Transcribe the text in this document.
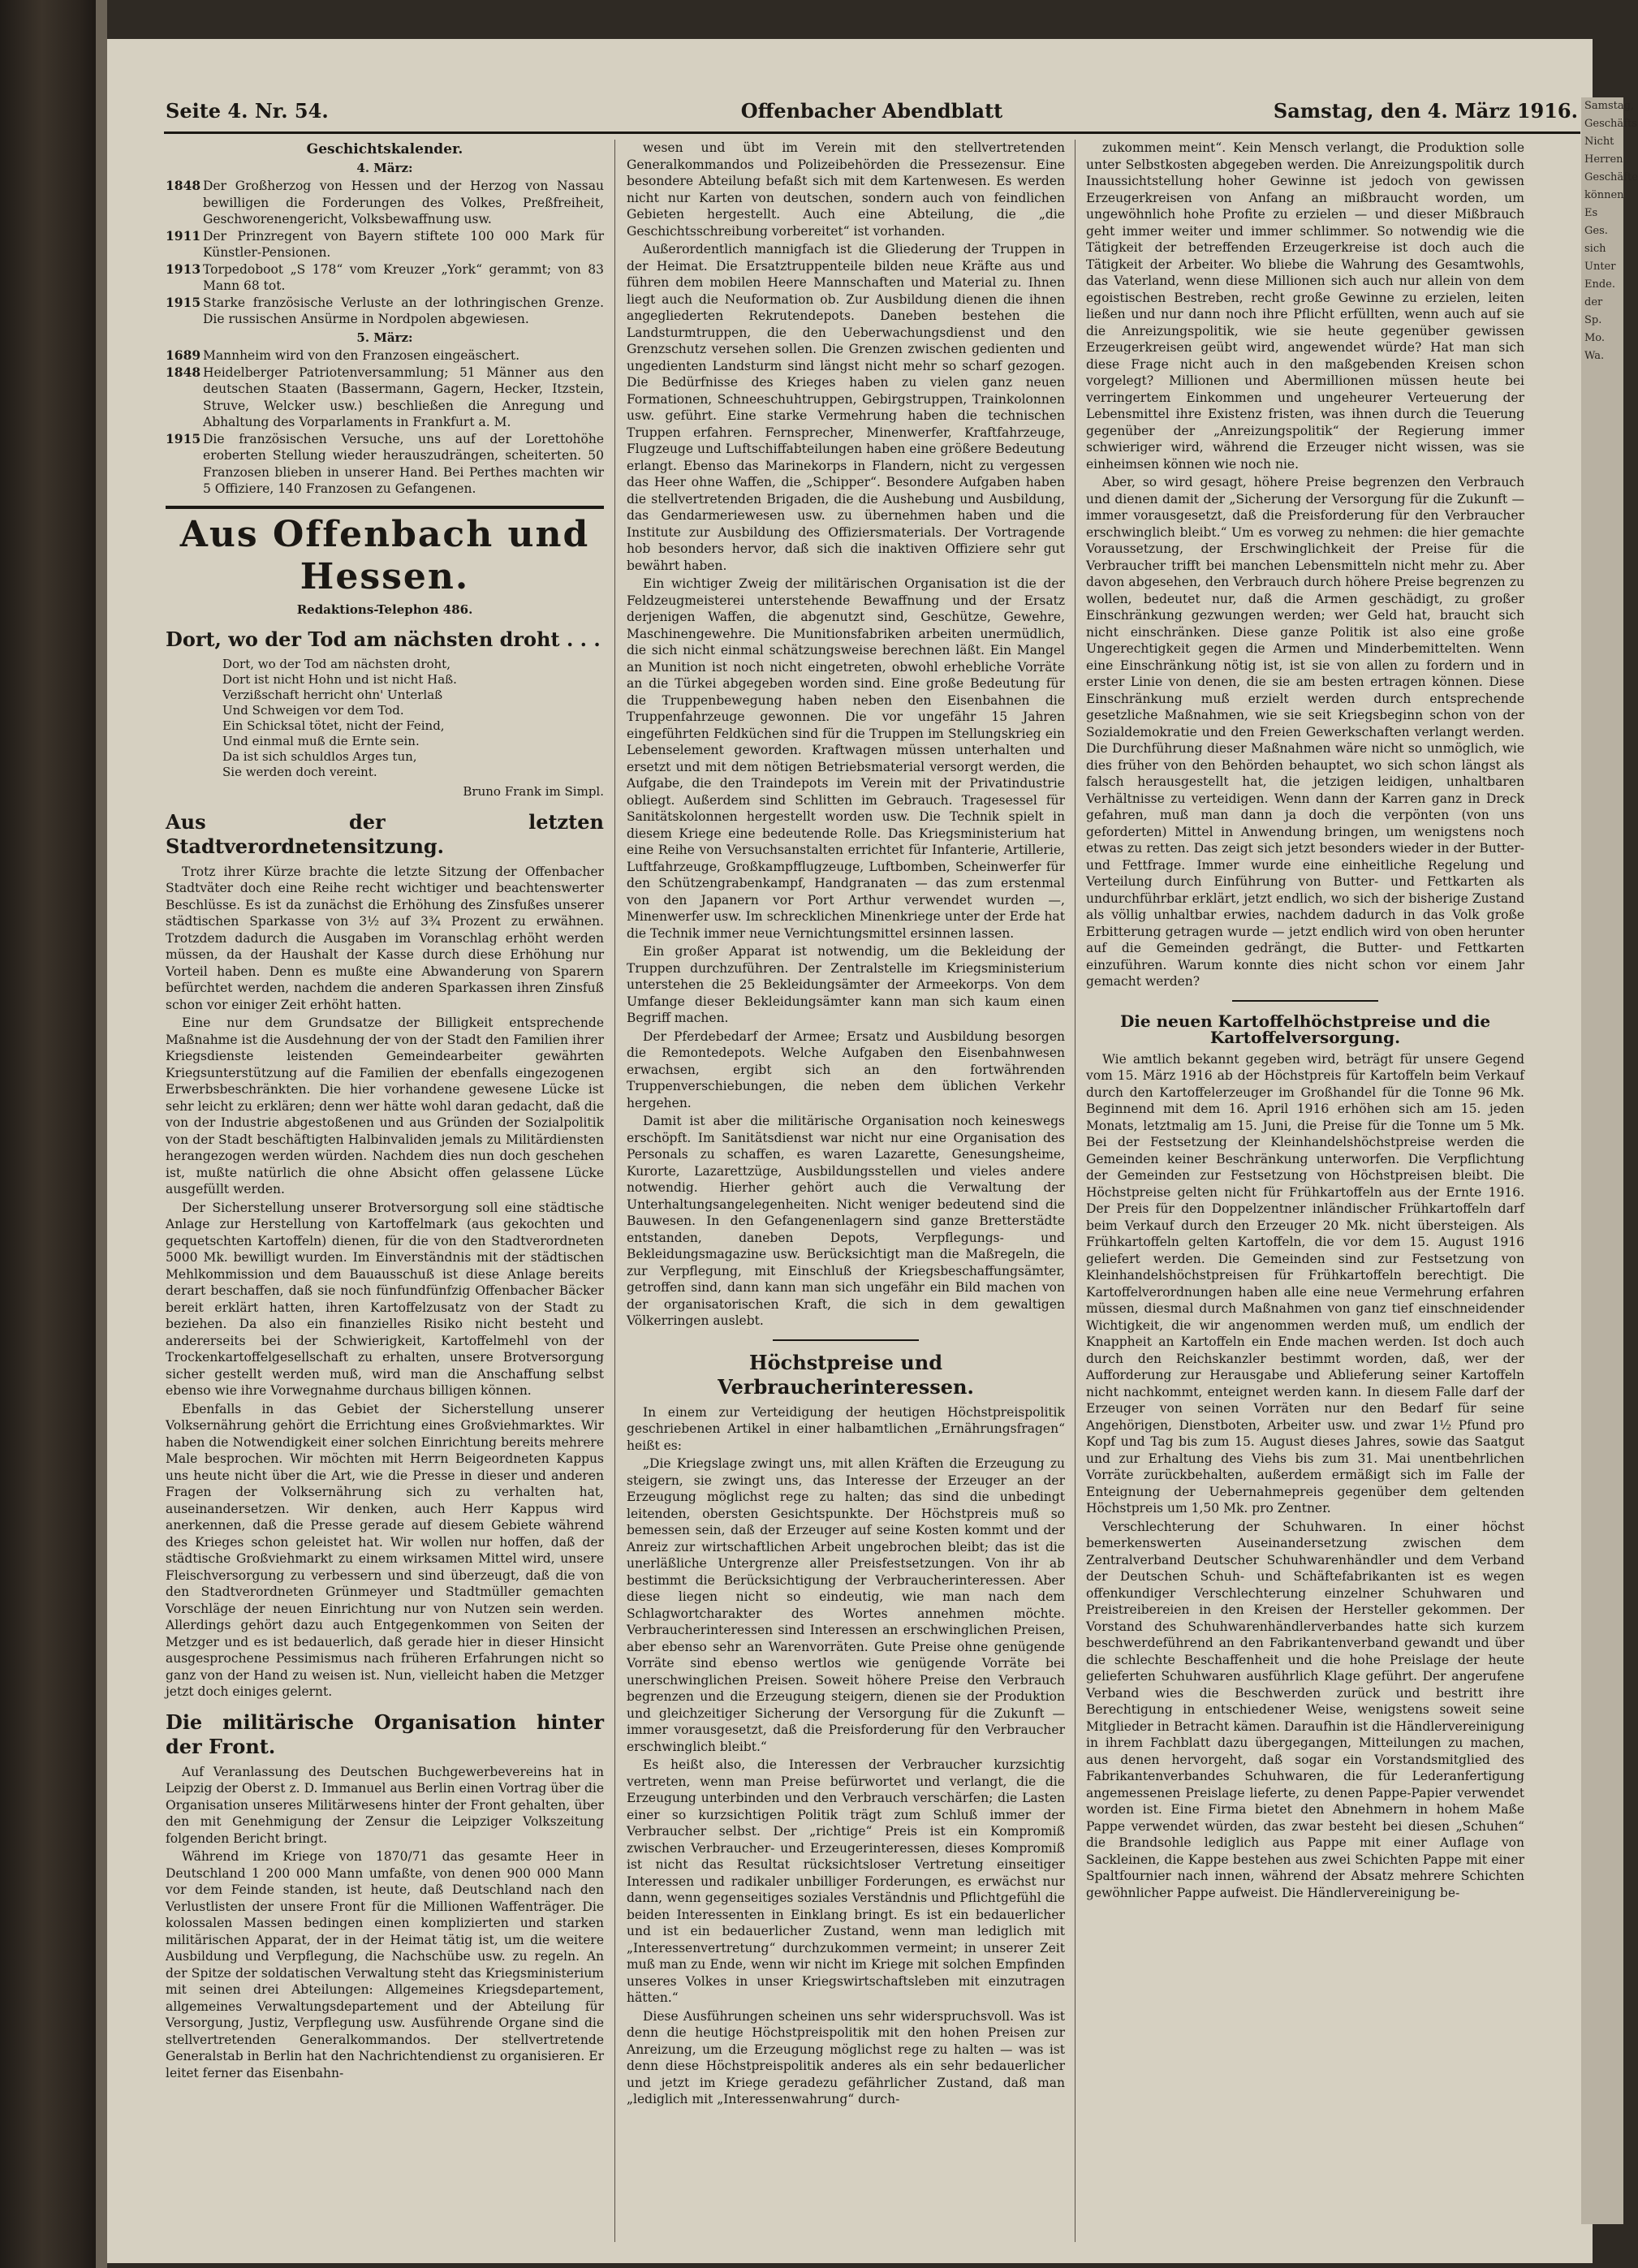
Offenbacher Abendblatt
Seite 4. Nr. 54.	Samstag, den 4. März 1916.
Geschichtskalender.
4. März:
1848 Der Großherzog von Hessen und der Herzog von Nassau bewilligen die Forderungen des Volkes, Preßfreiheit, Geschworenengericht, Volksbewaffnung usw.
1911 Der Prinzregent von Bayern stiftete 100 000 Mark für Künstler-Pensionen.
1913 Torpedoboot „S 178“ vom Kreuzer „York“ gerammt; von 83 Mann 68 tot.
1915 Starke französische Verluste an der lothringischen Grenze. Die russischen Ansürme in Nordpolen abgewiesen.
5. März:
1689 Mannheim wird von den Franzosen eingeäschert.
1848 Heidelberger Patriotenversammlung; 51 Männer aus den deutschen Staaten (Bassermann, Gagern, Hecker, Itzstein, Struve, Welcker usw.) beschließen die Anregung und Abhaltung des Vorparlaments in Frankfurt a. M.
1915 Die französischen Versuche, uns auf der Lorettohöhe eroberten Stellung wieder herauszudrängen, scheiterten. 50 Franzosen blieben in unserer Hand. Bei Perthes machten wir 5 Offiziere, 140 Franzosen zu Gefangenen.
Aus Offenbach und Hessen.
Redaktions-Telephon 486.
Dort, wo der Tod am nächsten droht . . .
Dort, wo der Tod am nächsten droht,
Dort ist nicht Hohn und ist nicht Haß.
Verzißschaft herricht ohn' Unterlaß
Und Schweigen vor dem Tod.
Ein Schicksal tötet, nicht der Feind,
Und einmal muß die Ernte sein.
Da ist sich schuldlos Arges tun,
Sie werden doch vereint.
Bruno Frank im Simpl.
Aus der letzten Stadtverordnetensitzung.

Trotz ihrer Kürze brachte die letzte Sitzung der Offenbacher Stadtväter doch eine Reihe recht wichtiger und beachtenswerter Beschlüsse. Es ist da zunächst die Erhöhung des Zinsfußes unserer städtischen Sparkasse von 3½ auf 3¾ Prozent zu erwähnen. Trotzdem dadurch die Ausgaben im Voranschlag erhöht werden müssen, da der Haushalt der Kasse durch diese Erhöhung nur Vorteil haben. Denn es mußte eine Abwanderung von Sparern befürchtet werden, nachdem die anderen Sparkassen ihren Zinsfuß schon vor einiger Zeit erhöht hatten.

Eine nur dem Grundsatze der Billigkeit entsprechende Maßnahme ist die Ausdehnung der von der Stadt den Familien ihrer Kriegsdienste leistenden Gemeindearbeiter gewährten Kriegsunterstützung auf die Familien der ebenfalls eingezogenen Erwerbsbeschränkten. Die hier vorhandene gewesene Lücke ist sehr leicht zu erklären; denn wer hätte wohl daran gedacht, daß die von der Industrie abgestoßenen und aus Gründen der Sozialpolitik von der Stadt beschäftigten Halbinvaliden jemals zu Militärdiensten herangezogen werden würden. Nachdem dies nun doch geschehen ist, mußte natürlich die ohne Absicht offen gelassene Lücke ausgefüllt werden.

Der Sicherstellung unserer Brotversorgung soll eine städtische Anlage zur Herstellung von Kartoffelmark (aus gekochten und gequetschten Kartoffeln) dienen, für die von den Stadtverordneten 5000 Mk. bewilligt wurden. Im Einverständnis mit der städtischen Mehlkommission und dem Bauausschuß ist diese Anlage bereits derart beschaffen, daß sie noch fünfundfünfzig Offenbacher Bäcker bereit erklärt hatten, ihren Kartoffelzusatz von der Stadt zu beziehen. Da also ein finanzielles Risiko nicht besteht und andererseits bei der Schwierigkeit, Kartoffelmehl von der Trockenkartoffelgesellschaft zu erhalten, unsere Brotversorgung sicher gestellt werden muß, wird man die Anschaffung selbst ebenso wie ihre Vorwegnahme durchaus billigen können.

Ebenfalls in das Gebiet der Sicherstellung unserer Volksernährung gehört die Errichtung eines Großviehmarktes. Wir haben die Notwendigkeit einer solchen Einrichtung bereits mehrere Male besprochen. Wir möchten mit Herrn Beigeordneten Kappus uns heute nicht über die Art, wie die Presse in dieser und anderen Fragen der Volksernährung sich zu verhalten hat, auseinandersetzen. Wir denken, auch Herr Kappus wird anerkennen, daß die Presse gerade auf diesem Gebiete während des Krieges schon geleistet hat. Wir wollen nur hoffen, daß der städtische Großviehmarkt zu einem wirksamen Mittel wird, unsere Fleischversorgung zu verbessern und sind überzeugt, daß die von den Stadtverordneten Grünmeyer und Stadtmüller gemachten Vorschläge der neuen Einrichtung nur von Nutzen sein werden. Allerdings gehört dazu auch Entgegenkommen von Seiten der Metzger und es ist bedauerlich, daß gerade hier in dieser Hinsicht ausgesprochene Pessimismus nach früheren Erfahrungen nicht so ganz von der Hand zu weisen ist. Nun, vielleicht haben die Metzger jetzt doch einiges gelernt.

Die militärische Organisation hinter der Front.

Auf Veranlassung des Deutschen Buchgewerbevereins hat in Leipzig der Oberst z. D. Immanuel aus Berlin einen Vortrag über die Organisation unseres Militärwesens hinter der Front gehalten, über den mit Genehmigung der Zensur die Leipziger Volkszeitung folgenden Bericht bringt.

Während im Kriege von 1870/71 das gesamte Heer in Deutschland 1 200 000 Mann umfaßte, von denen 900 000 Mann vor dem Feinde standen, ist heute, daß Deutschland nach den Verlustlisten der unsere Front für die Millionen Waffenträger. Die kolossalen Massen bedingen einen komplizierten und starken militärischen Apparat, der in der Heimat tätig ist, um die weitere Ausbildung und Verpflegung, die Nachschübe usw. zu regeln. An der Spitze der soldatischen Verwaltung steht das Kriegsministerium mit seinen drei Abteilungen: Allgemeines Kriegsdepartement, allgemeines Verwaltungsdepartement und der Abteilung für Versorgung, Justiz, Verpflegung usw. Ausführende Organe sind die stellvertretenden Generalkommandos. Der stellvertretende Generalstab in Berlin hat den Nachrichtendienst zu organisieren. Er leitet ferner das Eisenbahn-

wesen und übt im Verein mit den stellvertretenden Generalkommandos und Polizeibehörden die Pressezensur. Eine besondere Abteilung befaßt sich mit dem Kartenwesen. Es werden nicht nur Karten von deutschen, sondern auch von feindlichen Gebieten hergestellt. Auch eine Abteilung, die „die Geschichtsschreibung vorbereitet“ ist vorhanden.

Außerordentlich mannigfach ist die Gliederung der Truppen in der Heimat. Die Ersatztruppenteile bilden neue Kräfte aus und führen dem mobilen Heere Mannschaften und Material zu. Ihnen liegt auch die Neuformation ob. Zur Ausbildung dienen die ihnen angegliederten Rekrutendepots. Daneben bestehen die Landsturmtruppen, die den Ueberwachungsdienst und den Grenzschutz versehen sollen. Die Grenzen zwischen gedienten und ungedienten Landsturm sind längst nicht mehr so scharf gezogen. Die Bedürfnisse des Krieges haben zu vielen ganz neuen Formationen, Schneeschuhtruppen, Gebirgstruppen, Trainkolonnen usw. geführt. Eine starke Vermehrung haben die technischen Truppen erfahren. Fernsprecher, Minenwerfer, Kraftfahrzeuge, Flugzeuge und Luftschiffabteilungen haben eine größere Bedeutung erlangt. Ebenso das Marinekorps in Flandern, nicht zu vergessen das Heer ohne Waffen, die „Schipper“. Besondere Aufgaben haben die stellvertretenden Brigaden, die die Aushebung und Ausbildung, das Gendarmeriewesen usw. zu übernehmen haben und die Institute zur Ausbildung des Offiziersmaterials. Der Vortragende hob besonders hervor, daß sich die inaktiven Offiziere sehr gut bewährt haben.

Ein wichtiger Zweig der militärischen Organisation ist die der Feldzeugmeisterei unterstehende Bewaffnung und der Ersatz derjenigen Waffen, die abgenutzt sind, Geschütze, Gewehre, Maschinengewehre. Die Munitionsfabriken arbeiten unermüdlich, die sich nicht einmal schätzungsweise berechnen läßt. Ein Mangel an Munition ist noch nicht eingetreten, obwohl erhebliche Vorräte an die Türkei abgegeben worden sind. Eine große Bedeutung für die Truppenbewegung haben neben den Eisenbahnen die Truppenfahrzeuge gewonnen. Die vor ungefähr 15 Jahren eingeführten Feldküchen sind für die Truppen im Stellungskrieg ein Lebenselement geworden. Kraftwagen müssen unterhalten und ersetzt und mit dem nötigen Betriebsmaterial versorgt werden, die Aufgabe, die den Traindepots im Verein mit der Privatindustrie obliegt. Außerdem sind Schlitten im Gebrauch. Tragesessel für Sanitätskolonnen hergestellt worden usw. Die Technik spielt in diesem Kriege eine bedeutende Rolle. Das Kriegsministerium hat eine Reihe von Versuchsanstalten errichtet für Infanterie, Artillerie, Luftfahrzeuge, Großkampfflugzeuge, Luftbomben, Scheinwerfer für den Schützengrabenkampf, Handgranaten — das zum erstenmal von den Japanern vor Port Arthur verwendet wurden —, Minenwerfer usw. Im schrecklichen Minenkriege unter der Erde hat die Technik immer neue Vernichtungsmittel ersinnen lassen.

Ein großer Apparat ist notwendig, um die Bekleidung der Truppen durchzuführen. Der Zentralstelle im Kriegsministerium unterstehen die 25 Bekleidungsämter der Armeekorps. Von dem Umfange dieser Bekleidungsämter kann man sich kaum einen Begriff machen.

Der Pferdebedarf der Armee; Ersatz und Ausbildung besorgen die Remontedepots. Welche Aufgaben den Eisenbahnwesen erwachsen, ergibt sich an den fortwährenden Truppenverschiebungen, die neben dem üblichen Verkehr hergehen.

Damit ist aber die militärische Organisation noch keineswegs erschöpft. Im Sanitätsdienst war nicht nur eine Organisation des Personals zu schaffen, es waren Lazarette, Genesungsheime, Kurorte, Lazarettzüge, Ausbildungsstellen und vieles andere notwendig. Hierher gehört auch die Verwaltung der Unterhaltungsangelegenheiten. Nicht weniger bedeutend sind die Bauwesen. In den Gefangenenlagern sind ganze Bretterstädte entstanden, daneben Depots, Verpflegungs- und Bekleidungsmagazine usw. Berücksichtigt man die Maßregeln, die zur Verpflegung, mit Einschluß der Kriegsbeschaffungsämter, getroffen sind, dann kann man sich ungefähr ein Bild machen von der organisatorischen Kraft, die sich in dem gewaltigen Völkerringen auslebt.

Höchstpreise und Verbraucherinteressen.

In einem zur Verteidigung der heutigen Höchstpreispolitik geschriebenen Artikel in einer halbamtlichen „Ernährungsfragen“ heißt es:

„Die Kriegslage zwingt uns, mit allen Kräften die Erzeugung zu steigern, sie zwingt uns, das Interesse der Erzeuger an der Erzeugung möglichst rege zu halten; das sind die unbedingt leitenden, obersten Gesichtspunkte. Der Höchstpreis muß so bemessen sein, daß der Erzeuger auf seine Kosten kommt und der Anreiz zur wirtschaftlichen Arbeit ungebrochen bleibt; das ist die unerläßliche Untergrenze aller Preisfestsetzungen. Von ihr ab bestimmt die Berücksichtigung der Verbraucherinteressen. Aber diese liegen nicht so eindeutig, wie man nach dem Schlagwortcharakter des Wortes annehmen möchte. Verbraucherinteressen sind Interessen an erschwinglichen Preisen, aber ebenso sehr an Warenvorräten. Gute Preise ohne genügende Vorräte sind ebenso wertlos wie genügende Vorräte bei unerschwinglichen Preisen. Soweit höhere Preise den Verbrauch begrenzen und die Erzeugung steigern, dienen sie der Produktion und gleichzeitiger Sicherung der Versorgung für die Zukunft — immer vorausgesetzt, daß die Preisforderung für den Verbraucher erschwinglich bleibt.“

Es heißt also, die Interessen der Verbraucher kurzsichtig vertreten, wenn man Preise befürwortet und verlangt, die die Erzeugung unterbinden und den Verbrauch verschärfen; die Lasten einer so kurzsichtigen Politik trägt zum Schluß immer der Verbraucher selbst. Der „richtige“ Preis ist ein Kompromiß zwischen Verbraucher- und Erzeugerinteressen, dieses Kompromiß ist nicht das Resultat rücksichtsloser Vertretung einseitiger Interessen und radikaler unbilliger Forderungen, es erwächst nur dann, wenn gegenseitiges soziales Verständnis und Pflichtgefühl die beiden Interessenten in Einklang bringt. Es ist ein bedauerlicher und ist ein bedauerlicher Zustand, wenn man lediglich mit „Interessenvertretung“ durchzukommen vermeint; in unserer Zeit muß man zu Ende, wenn wir nicht im Kriege mit solchen Empfinden unseres Volkes in unser Kriegswirtschaftsleben mit einzutragen hätten.“

Diese Ausführungen scheinen uns sehr widerspruchsvoll. Was ist denn die heutige Höchstpreispolitik mit den hohen Preisen zur Anreizung, um die Erzeugung möglichst rege zu halten — was ist denn diese Höchstpreispolitik anderes als ein sehr bedauerlicher und jetzt im Kriege geradezu gefährlicher Zustand, daß man „lediglich mit „Interessenwahrung“ durch-

zukommen meint“. Kein Mensch verlangt, die Produktion solle unter Selbstkosten abgegeben werden. Die Anreizungspolitik durch Inaussichtstellung hoher Gewinne ist jedoch von gewissen Erzeugerkreisen von Anfang an mißbraucht worden, um ungewöhnlich hohe Profite zu erzielen — und dieser Mißbrauch geht immer weiter und immer schlimmer. So notwendig wie die Tätigkeit der betreffenden Erzeugerkreise ist doch auch die Tätigkeit der Arbeiter. Wo bliebe die Wahrung des Gesamtwohls, das Vaterland, wenn diese Millionen sich auch nur allein von dem egoistischen Bestreben, recht große Gewinne zu erzielen, leiten ließen und nur dann noch ihre Pflicht erfüllten, wenn auch auf sie die Anreizungspolitik, wie sie heute gegenüber gewissen Erzeugerkreisen geübt wird, angewendet würde? Hat man sich diese Frage nicht auch in den maßgebenden Kreisen schon vorgelegt? Millionen und Abermillionen müssen heute bei verringertem Einkommen und ungeheurer Verteuerung der Lebensmittel ihre Existenz fristen, was ihnen durch die Teuerung gegenüber der „Anreizungspolitik“ der Regierung immer schwieriger wird, während die Erzeuger nicht wissen, was sie einheimsen können wie noch nie.

Aber, so wird gesagt, höhere Preise begrenzen den Verbrauch und dienen damit der „Sicherung der Versorgung für die Zukunft — immer vorausgesetzt, daß die Preisforderung für den Verbraucher erschwinglich bleibt.“ Um es vorweg zu nehmen: die hier gemachte Voraussetzung, der Erschwinglichkeit der Preise für die Verbraucher trifft bei manchen Lebensmitteln nicht mehr zu. Aber davon abgesehen, den Verbrauch durch höhere Preise begrenzen zu wollen, bedeutet nur, daß die Armen geschädigt, zu großer Einschränkung gezwungen werden; wer Geld hat, braucht sich nicht einschränken. Diese ganze Politik ist also eine große Ungerechtigkeit gegen die Armen und Minderbemittelten. Wenn eine Einschränkung nötig ist, ist sie von allen zu fordern und in erster Linie von denen, die sie am besten ertragen können. Diese Einschränkung muß erzielt werden durch entsprechende gesetzliche Maßnahmen, wie sie seit Kriegsbeginn schon von der Sozialdemokratie und den Freien Gewerkschaften verlangt werden. Die Durchführung dieser Maßnahmen wäre nicht so unmöglich, wie dies früher von den Behörden behauptet, wo sich schon längst als falsch herausgestellt hat, die jetzigen leidigen, unhaltbaren Verhältnisse zu verteidigen. Wenn dann der Karren ganz in Dreck gefahren, muß man dann ja doch die verpönten (von uns geforderten) Mittel in Anwendung bringen, um wenigstens noch etwas zu retten. Das zeigt sich jetzt besonders wieder in der Butter- und Fettfrage. Immer wurde eine einheitliche Regelung und Verteilung durch Einführung von Butter- und Fettkarten als undurchführbar erklärt, jetzt endlich, wo sich der bisherige Zustand als völlig unhaltbar erwies, nachdem dadurch in das Volk große Erbitterung getragen wurde — jetzt endlich wird von oben herunter auf die Gemeinden gedrängt, die Butter- und Fettkarten einzuführen. Warum konnte dies nicht schon vor einem Jahr gemacht werden?

Die neuen Kartoffelhöchstpreise und die Kartoffelversorgung.

Wie amtlich bekannt gegeben wird, beträgt für unsere Gegend vom 15. März 1916 ab der Höchstpreis für Kartoffeln beim Verkauf durch den Kartoffelerzeuger im Großhandel für die Tonne 96 Mk. Beginnend mit dem 16. April 1916 erhöhen sich am 15. jeden Monats, letztmalig am 15. Juni, die Preise für die Tonne um 5 Mk. Bei der Festsetzung der Kleinhandelshöchstpreise werden die Gemeinden keiner Beschränkung unterworfen. Die Verpflichtung der Gemeinden zur Festsetzung von Höchstpreisen bleibt. Die Höchstpreise gelten nicht für Frühkartoffeln aus der Ernte 1916. Der Preis für den Doppelzentner inländischer Frühkartoffeln darf beim Verkauf durch den Erzeuger 20 Mk. nicht übersteigen. Als Frühkartoffeln gelten Kartoffeln, die vor dem 15. August 1916 geliefert werden. Die Gemeinden sind zur Festsetzung von Kleinhandelshöchstpreisen für Frühkartoffeln berechtigt. Die Kartoffelverordnungen haben alle eine neue Vermehrung erfahren müssen, diesmal durch Maßnahmen von ganz tief einschneidender Wichtigkeit, die wir angenommen werden muß, um endlich der Knappheit an Kartoffeln ein Ende machen werden. Ist doch auch durch den Reichskanzler bestimmt worden, daß, wer der Aufforderung zur Herausgabe und Ablieferung seiner Kartoffeln nicht nachkommt, enteignet werden kann. In diesem Falle darf der Erzeuger von seinen Vorräten nur den Bedarf für seine Angehörigen, Dienstboten, Arbeiter usw. und zwar 1½ Pfund pro Kopf und Tag bis zum 15. August dieses Jahres, sowie das Saatgut und zur Erhaltung des Viehs bis zum 31. Mai unentbehrlichen Vorräte zurückbehalten, außerdem ermäßigt sich im Falle der Enteignung der Uebernahmepreis gegenüber dem geltenden Höchstpreis um 1,50 Mk. pro Zentner.

Verschlechterung der Schuhwaren. In einer höchst bemerkenswerten Auseinandersetzung zwischen dem Zentralverband Deutscher Schuhwarenhändler und dem Verband der Deutschen Schuh- und Schäftefabrikanten ist es wegen offenkundiger Verschlechterung einzelner Schuhwaren und Preistreibereien in den Kreisen der Hersteller gekommen. Der Vorstand des Schuhwarenhändlerverbandes hatte sich kurzem beschwerdeführend an den Fabrikantenverband gewandt und über die schlechte Beschaffenheit und die hohe Preislage der heute gelieferten Schuhwaren ausführlich Klage geführt. Der angerufene Verband wies die Beschwerden zurück und bestritt ihre Berechtigung in entschiedener Weise, wenigstens soweit seine Mitglieder in Betracht kämen. Daraufhin ist die Händlervereinigung in ihrem Fachblatt dazu übergegangen, Mitteilungen zu machen, aus denen hervorgeht, daß sogar ein Vorstandsmitglied des Fabrikantenverbandes Schuhwaren, die für Lederanfertigung angemessenen Preislage lieferte, zu denen Pappe-Papier verwendet worden ist. Eine Firma bietet den Abnehmern in hohem Maße Pappe verwendet würden, das zwar besteht bei diesen „Schuhen“ die Brandsohle lediglich aus Pappe mit einer Auflage von Sackleinen, die Kappe bestehen aus zwei Schichten Pappe mit einer Spaltfournier nach innen, während der Absatz mehrere Schichten gewöhnlicher Pappe aufweist. Die Händlervereinigung be-

Samstag,
Geschäfts
Nicht
Herren
Geschäfte
können
Es
Ges.
sich
Unter
Ende.
der
Sp.
Mo.
Wa.
